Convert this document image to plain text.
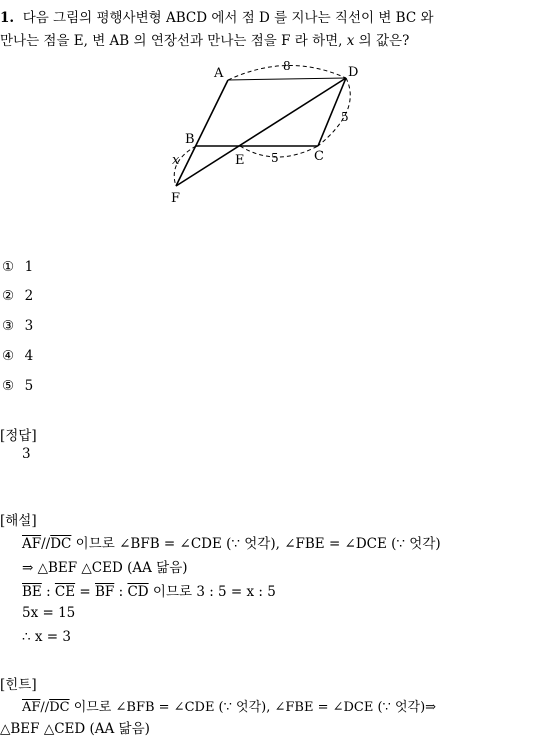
1. 다음 그림의 평행사변형 ABCD 에서 점 D 를 지나는 직선이 변 BC 와
만나는 점을 E, 변 AB 의 연장선과 만나는 점을 F 라 하면, x 의 값은?
A	D
B
C
E
F
x
8
5
5
① 1
② 2
③ 3
④ 4
⑤ 5
[정답]
3
[해설]
$\overline{AF}//\overline{DC}$ 이므로 ∠BFB = ∠CDE (∵ 엇각), ∠FBE = ∠DCE (∵ 엇각)
⇒ △BEF △CED (AA 닮음)
$\overline{BE}$ : $\overline{CE} = \overline{BF}$ : $\overline{CD}$ 이므로 3 : 5 = x : 5
5x = 15
∴ x = 3
[힌트]
$\overline{AF}//\overline{DC}$ 이므로 ∠BFB = ∠CDE (∵ 엇각), ∠FBE = ∠DCE (∵ 엇각)⇒
△BEF △CED (AA 닮음)
